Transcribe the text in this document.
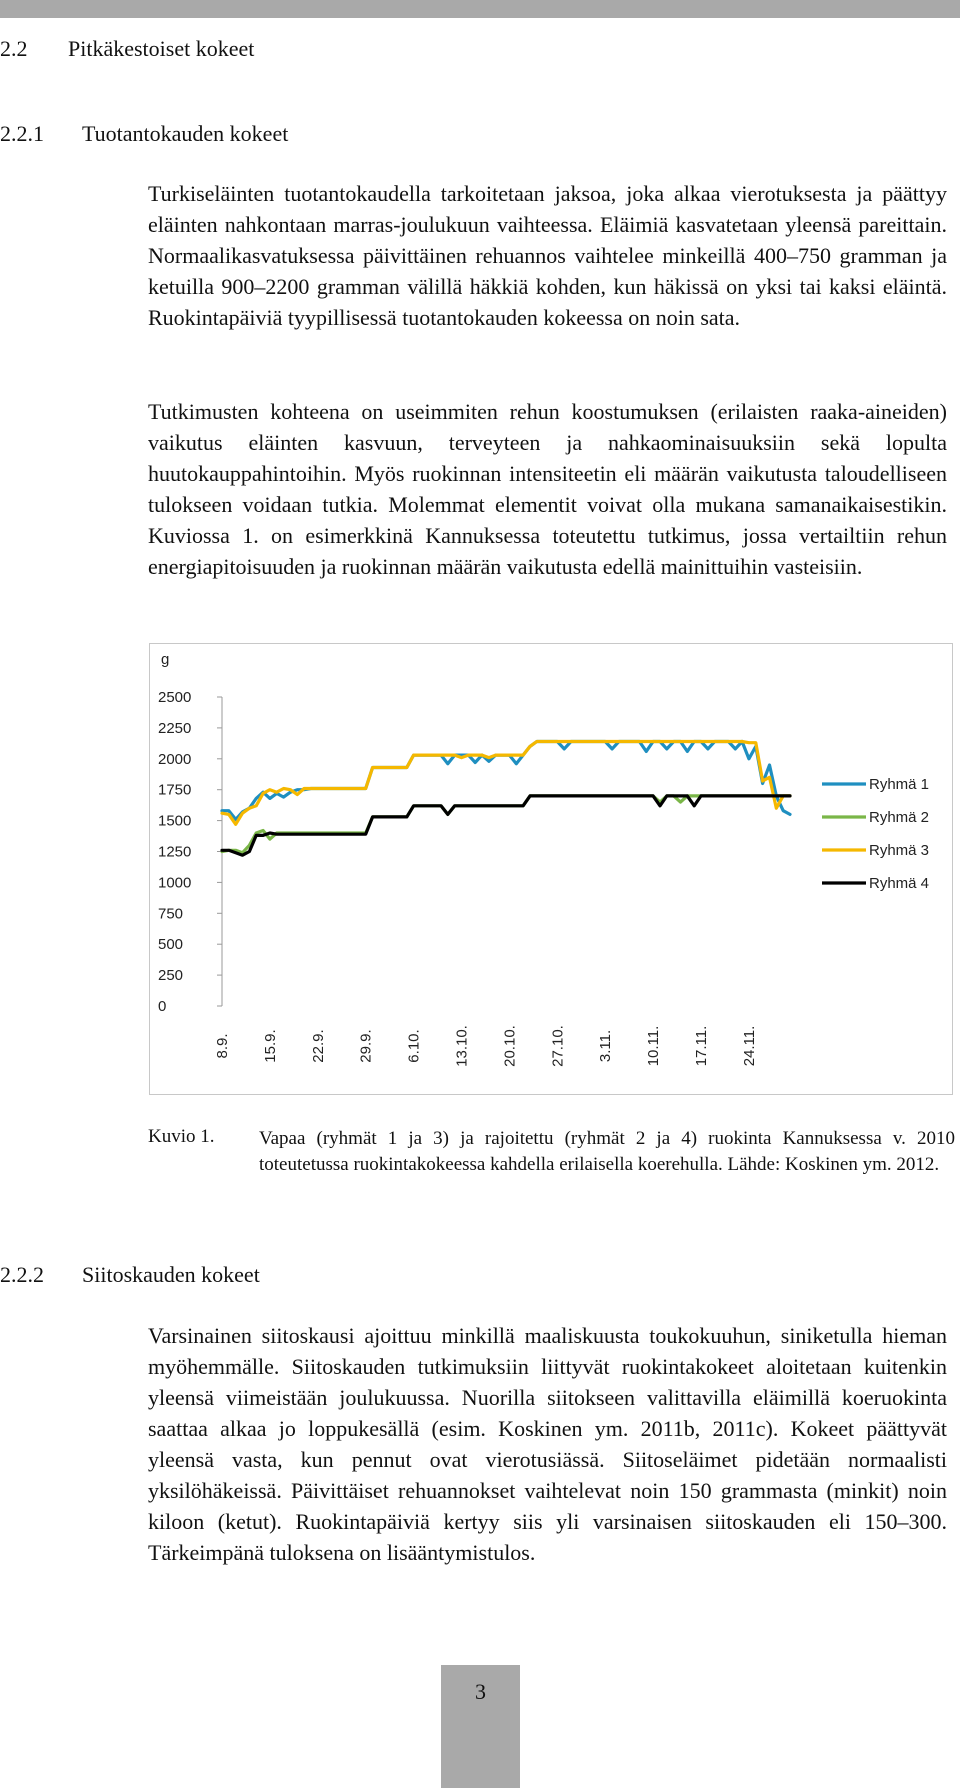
2.2 Pitkäkestoiset kokeet
2.2.1 Tuotantokauden kokeet

Turkiseläinten tuotantokaudella tarkoitetaan jaksoa, joka alkaa vierotuksesta ja päättyy eläinten nahkontaan marras-joulukuun vaihteessa. Eläimiä kasvatetaan yleensä pareittain. Normaalikasvatuksessa päivittäinen rehuannos vaihtelee minkeillä 400–750 gramman ja ketuilla 900–2200 gramman välillä häkkiä kohden, kun häkissä on yksi tai kaksi eläintä. Ruokintapäiviä tyypillisessä tuotantokauden kokeessa on noin sata.

Tutkimusten kohteena on useimmiten rehun koostumuksen (erilaisten raaka-aineiden) vaikutus eläinten kasvuun, terveyteen ja nahkaominaisuuksiin sekä lopulta huutokauppahintoihin. Myös ruokinnan intensiteetin eli määrän vaikutusta taloudelliseen tulokseen voidaan tutkia. Molemmat elementit voivat olla mukana samanaikaisestikin. Kuviossa 1. on esimerkkinä Kannuksessa toteutettu tutkimus, jossa vertailtiin rehun energiapitoisuuden ja ruokinnan määrän vaikutusta edellä mainittuihin vasteisiin.

g
0
250
500
750
1000
1250
1500
1750
2000
2250
2500
8.9. 15.9. 22.9. 29.9. 6.10. 13.10. 20.10. 27.10. 3.11. 10.11. 17.11. 24.11.
Ryhmä 1
Ryhmä 2
Ryhmä 3
Ryhmä 4
Kuvio 1. Vapaa (ryhmät 1 ja 3) ja rajoitettu (ryhmät 2 ja 4) ruokinta Kannuksessa v. 2010 toteutetussa ruokintakokeessa kahdella erilaisella koerehulla. Lähde: Koskinen ym. 2012.

2.2.2 Siitoskauden kokeet

Varsinainen siitoskausi ajoittuu minkillä maaliskuusta toukokuuhun, siniketulla hieman myöhemmälle. Siitoskauden tutkimuksiin liittyvät ruokintakokeet aloitetaan kuitenkin yleensä viimeistään joulukuussa. Nuorilla siitokseen valittavilla eläimillä koeruokinta saattaa alkaa jo loppukesällä (esim. Koskinen ym. 2011b, 2011c). Kokeet päättyvät yleensä vasta, kun pennut ovat vierotusiässä. Siitoseläimet pidetään normaalisti yksilöhäkeissä. Päivittäiset rehuannokset vaihtelevat noin 150 grammasta (minkit) noin kiloon (ketut). Ruokintapäiviä kertyy siis yli varsinaisen siitoskauden eli 150–300. Tärkeimpänä tuloksena on lisääntymistulos.

3
